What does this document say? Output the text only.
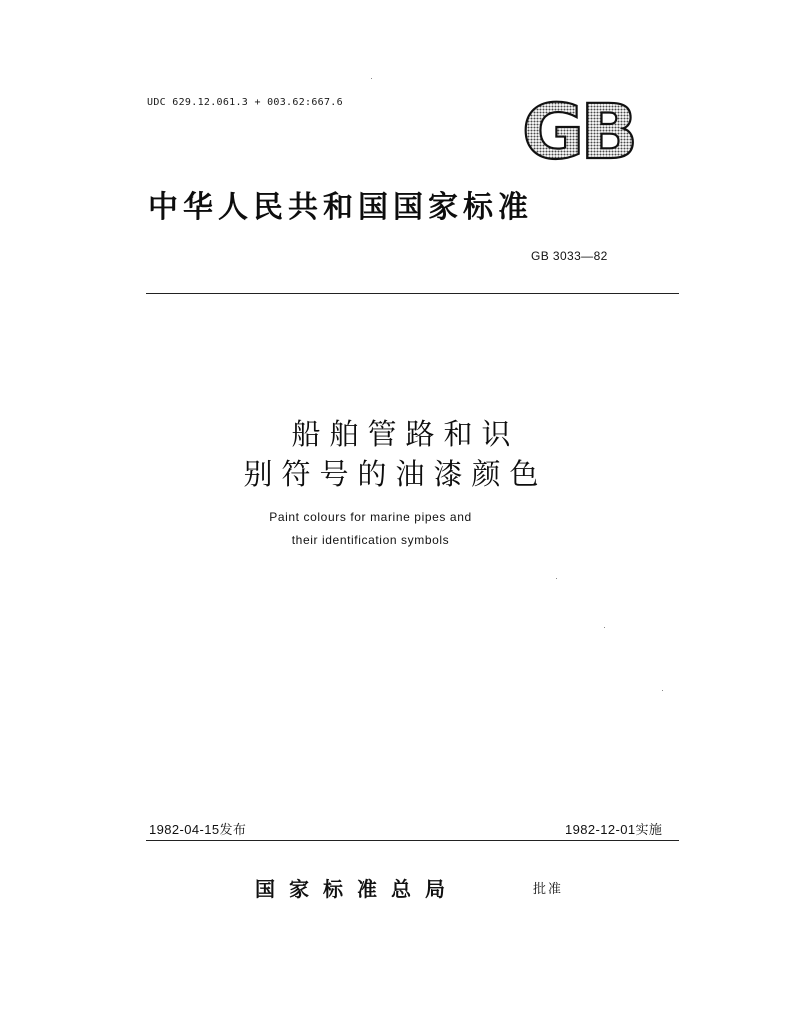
UDC 629.12.061.3 + 003.62:667.6 GB
中华人民共和国国家标准
GB 3033—82
船舶管路和识
别符号的油漆颜色
Paint colours for marine pipes and
their identification symbols
1982-04-15发布	1982-12-01实施
国家标准总局	批准
